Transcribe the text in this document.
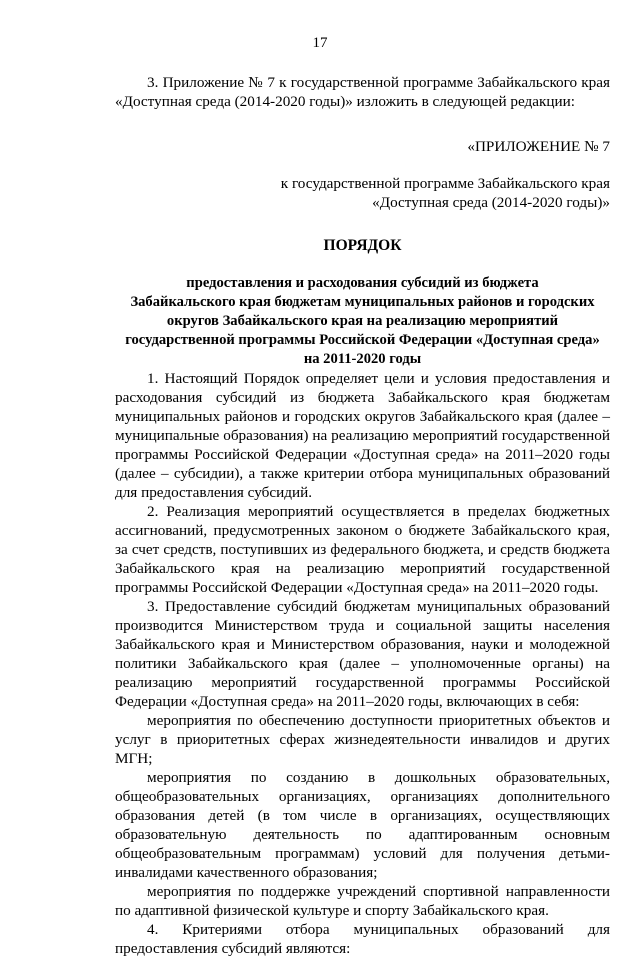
17

3. Приложение № 7 к государственной программе Забайкальского края «Доступная среда (2014-2020 годы)» изложить в следующей редакции:

«ПРИЛОЖЕНИЕ № 7

к государственной программе Забайкальского края

«Доступная среда (2014-2020 годы)»

ПОРЯДОК

предоставления и расходования субсидий из бюджета

Забайкальского края бюджетам муниципальных районов и городских

округов Забайкальского края на реализацию мероприятий

государственной программы Российской Федерации «Доступная среда»

на 2011-2020 годы

1. Настоящий Порядок определяет цели и условия предоставления и расходования субсидий из бюджета Забайкальского края бюджетам муниципальных районов и городских округов Забайкальского края (далее – муниципальные образования) на реализацию мероприятий государственной программы Российской Федерации «Доступная среда» на 2011–2020 годы (далее – субсидии), а также критерии отбора муниципальных образований для предоставления субсидий.

2. Реализация мероприятий осуществляется в пределах бюджетных ассигнований, предусмотренных законом о бюджете Забайкальского края, за счет средств, поступивших из федерального бюджета, и средств бюджета Забайкальского края на реализацию мероприятий государственной программы Российской Федерации «Доступная среда» на 2011–2020 годы.

3. Предоставление субсидий бюджетам муниципальных образований производится Министерством труда и социальной защиты населения Забайкальского края и Министерством образования, науки и молодежной политики Забайкальского края (далее – уполномоченные органы) на реализацию мероприятий государственной программы Российской Федерации «Доступная среда» на 2011–2020 годы, включающих в себя:

мероприятия по обеспечению доступности приоритетных объектов и услуг в приоритетных сферах жизнедеятельности инвалидов и других МГН;

мероприятия по созданию в дошкольных образовательных, общеобразовательных организациях, организациях дополнительного образования детей (в том числе в организациях, осуществляющих образовательную деятельность по адаптированным основным общеобразовательным программам) условий для получения детьми-инвалидами качественного образования;

мероприятия по поддержке учреждений спортивной направленности по адаптивной физической культуре и спорту Забайкальского края.

4. Критериями отбора муниципальных образований для предоставления субсидий являются:
